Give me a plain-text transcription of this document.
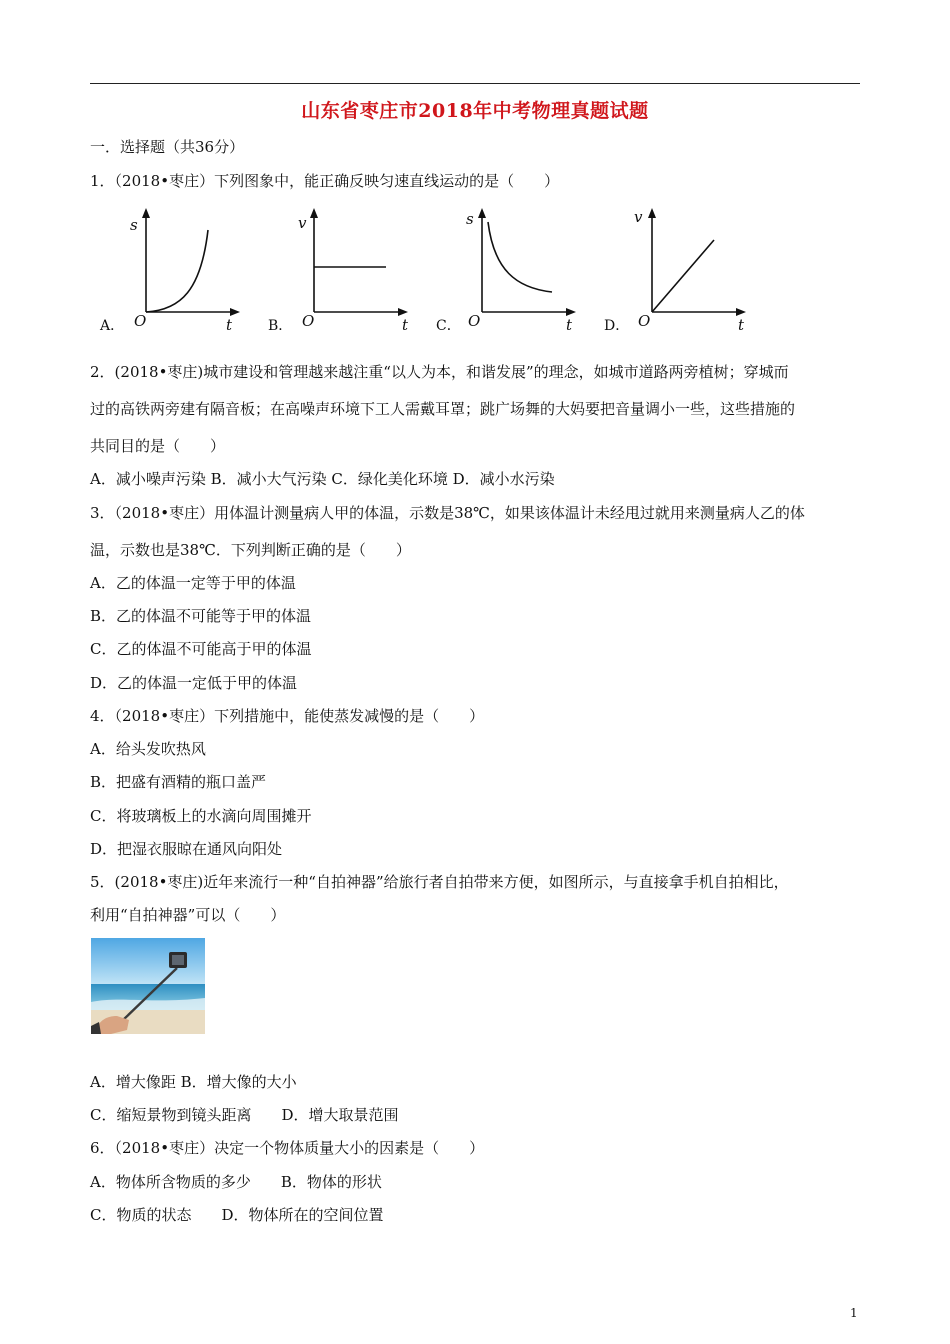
山东省枣庄市2018年中考物理真题试题
一．选择题（共36分）
1．（2018•枣庄）下列图象中，能正确反映匀速直线运动的是（　　）
s
O	t
A．
v
O	t
B．
s
O	t
C．
v
O	t
D．
2．(2018•枣庄)城市建设和管理越来越注重“以人为本，和谐发展”的理念，如城市道路两旁植树；穿城而
过的高铁两旁建有隔音板；在高噪声环境下工人需戴耳罩；跳广场舞的大妈要把音量调小一些，这些措施的
共同目的是（　　）
A．减小噪声污染 B．减小大气污染 C．绿化美化环境 D．减小水污染
3．（2018•枣庄）用体温计测量病人甲的体温，示数是38℃，如果该体温计未经甩过就用来测量病人乙的体
温，示数也是38℃．下列判断正确的是（　　）
A．乙的体温一定等于甲的体温
B．乙的体温不可能等于甲的体温
C．乙的体温不可能高于甲的体温
D．乙的体温一定低于甲的体温
4．（2018•枣庄）下列措施中，能使蒸发减慢的是（　　）
A．给头发吹热风
B．把盛有酒精的瓶口盖严
C．将玻璃板上的水滴向周围摊开
D．把湿衣服晾在通风向阳处
5．(2018•枣庄)近年来流行一种“自拍神器”给旅行者自拍带来方便，如图所示，与直接拿手机自拍相比，
利用“自拍神器”可以（　　）
A．增大像距 B．增大像的大小
C．缩短景物到镜头距离　　D．增大取景范围
6．（2018•枣庄）决定一个物体质量大小的因素是（　　）
A．物体所含物质的多少　　B．物体的形状
C．物质的状态　　D．物体所在的空间位置
1
